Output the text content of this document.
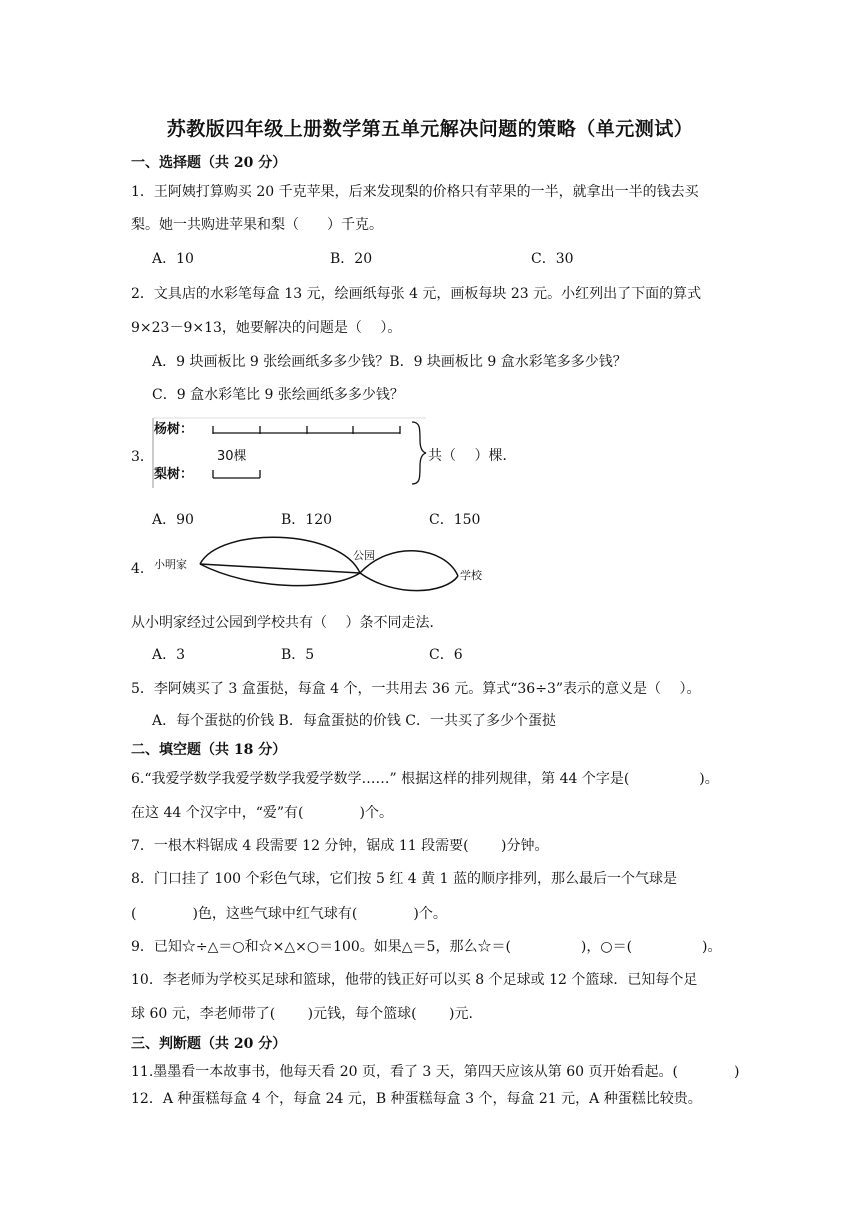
苏教版四年级上册数学第五单元解决问题的策略（单元测试）
一、选择题（共 20 分）
1．王阿姨打算购买 20 千克苹果，后来发现梨的价格只有苹果的一半，就拿出一半的钱去买
梨。她一共购进苹果和梨（　　）千克。
A．10	B．20	C．30
2．文具店的水彩笔每盒 13 元，绘画纸每张 4 元，画板每块 23 元。小红列出了下面的算式
9×23－9×13，她要解决的问题是（　 ）。
A．9 块画板比 9 张绘画纸多多少钱？B．9 块画板比 9 盒水彩笔多多少钱？
C．9 盒水彩笔比 9 张绘画纸多多少钱？
3．
杨树：
30棵
梨树：
共（　 ）棵．
A．90	B．120	C．150
4． 小明家
公园
学校
从小明家经过公园到学校共有（　 ）条不同走法．
A．3	B．5	C．6
5．李阿姨买了 3 盒蛋挞，每盒 4 个，一共用去 36 元。算式“36÷3”表示的意义是（　 ）。
A．每个蛋挞的价钱 B．每盒蛋挞的价钱 C．一共买了多少个蛋挞
二、填空题（共 18 分）
6.“我爱学数学我爱学数学我爱学数学……” 根据这样的排列规律，第 44 个字是(　　　　　)。
在这 44 个汉字中，“爱”有(　　　　)个。
7．一根木料锯成 4 段需要 12 分钟，锯成 11 段需要(　　 )分钟。
8．门口挂了 100 个彩色气球，它们按 5 红 4 黄 1 蓝的顺序排列，那么最后一个气球是
(　　　　)色，这些气球中红气球有(　　　　)个。
9．已知☆÷△＝○和☆×△×○＝100。如果△＝5，那么☆＝(　　　　　)，○＝(　　　　　)。
10．李老师为学校买足球和篮球，他带的钱正好可以买 8 个足球或 12 个篮球．已知每个足
球 60 元，李老师带了(　　 )元钱，每个篮球(　　 )元.
三、判断题（共 20 分）
11.墨墨看一本故事书，他每天看 20 页，看了 3 天，第四天应该从第 60 页开始看起。(　　　　)
12．A 种蛋糕每盒 4 个，每盒 24 元，B 种蛋糕每盒 3 个，每盒 21 元，A 种蛋糕比较贵。
